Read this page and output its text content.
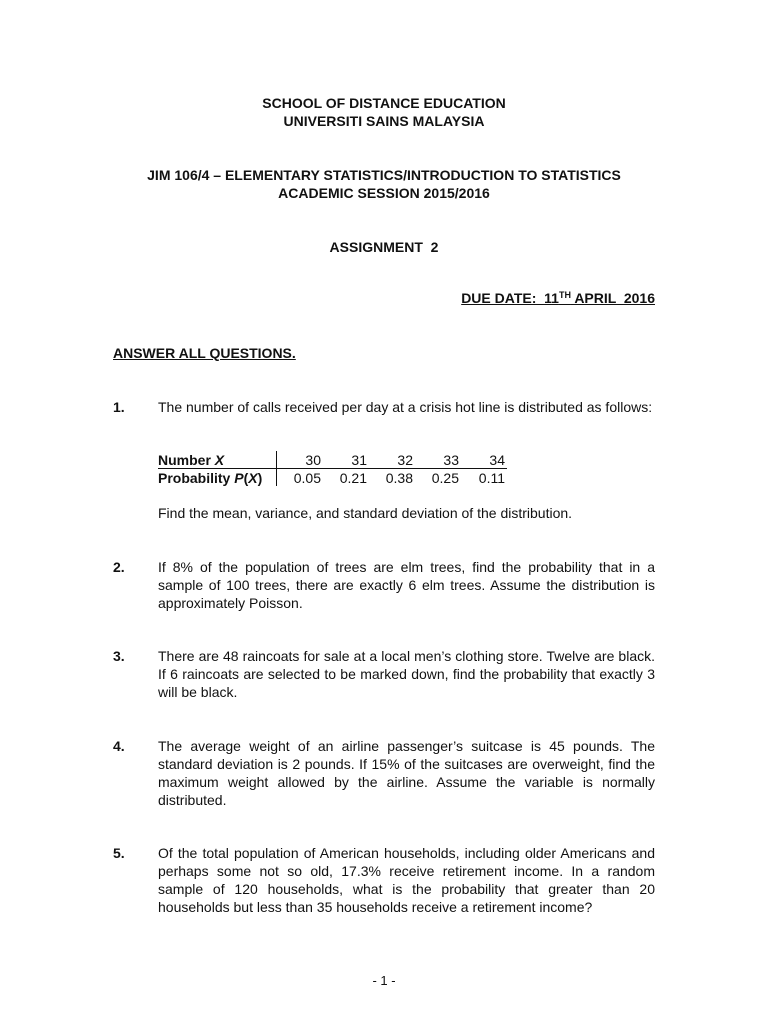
SCHOOL OF DISTANCE EDUCATION
UNIVERSITI SAINS MALAYSIA
JIM 106/4 – ELEMENTARY STATISTICS/INTRODUCTION TO STATISTICS
ACADEMIC SESSION 2015/2016
ASSIGNMENT  2
DUE DATE:  11TH APRIL  2016
ANSWER ALL QUESTIONS.
1. The number of calls received per day at a crisis hot line is distributed as follows:

Number X	30	31	32	33	34
Probability P(X)	0.05	0.21	0.38	0.25	0.11

Find the mean, variance, and standard deviation of the distribution.

2. If 8% of the population of trees are elm trees, find the probability that in a sample of 100 trees, there are exactly 6 elm trees. Assume the distribution is approximately Poisson.

3. There are 48 raincoats for sale at a local men’s clothing store. Twelve are black. If 6 raincoats are selected to be marked down, find the probability that exactly 3 will be black.

4. The average weight of an airline passenger’s suitcase is 45 pounds. The standard deviation is 2 pounds. If 15% of the suitcases are overweight, find the maximum weight allowed by the airline. Assume the variable is normally distributed.

5. Of the total population of American households, including older Americans and perhaps some not so old, 17.3% receive retirement income. In a random sample of 120 households, what is the probability that greater than 20 households but less than 35 households receive a retirement income?

- 1 -
